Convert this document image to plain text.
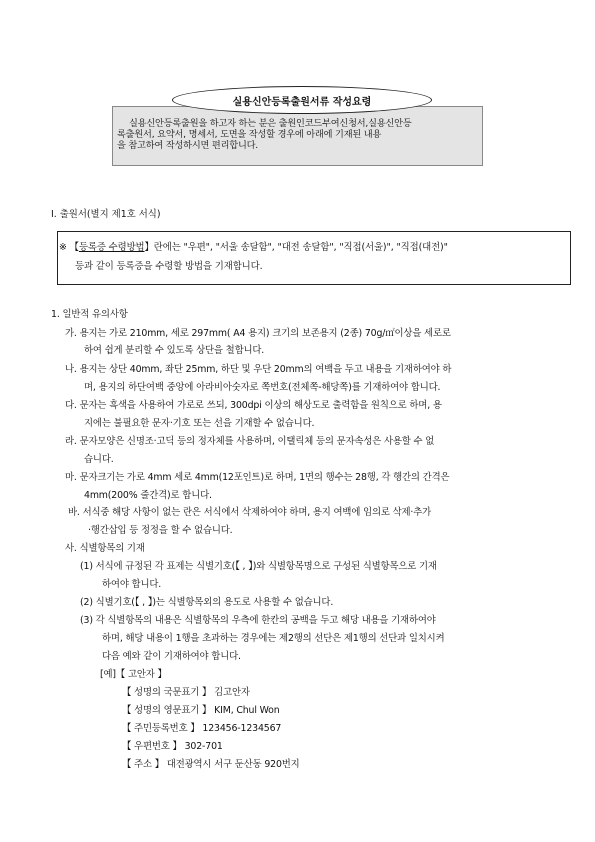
실용신안등록출원서류 작성요령
실용신안등록출원을 하고자 하는 분은 출원인코드부여신청서,실용신안등
록출원서, 요약서, 명세서, 도면을 작성할 경우에 아래에 기재된 내용
을 참고하여 작성하시면 편리합니다.
Ⅰ. 출원서(별지 제1호 서식)
※ 【등록증 수령방법】란에는 "우편", "서울 송달함", "대전 송달함", "직접(서울)", "직접(대전)"
등과 같이 등록증을 수령할 방법을 기재합니다.
1. 일반적 유의사항
가. 용지는 가로 210mm, 세로 297mm( A4 용지) 크기의 보존용지 (2종) 70g/㎡이상을 세로로
하여 쉽게 분리할 수 있도록 상단을 철합니다.
나. 용지는 상단 40mm, 좌단 25mm, 하단 및 우단 20mm의 여백을 두고 내용을 기재하여야 하
며, 용지의 하단여백 중앙에 아라비아숫자로 쪽번호(전체쪽-해당쪽)를 기재하여야 합니다.
다. 문자는 흑색을 사용하여 가로로 쓰되, 300dpi 이상의 해상도로 출력함을 원칙으로 하며, 용
지에는 불필요한 문자·기호 또는 선을 기재할 수 없습니다.
라. 문자모양은 신명조·고딕 등의 정자체를 사용하며, 이탤릭체 등의 문자속성은 사용할 수 없
습니다.
마. 문자크기는 가로 4mm 세로 4mm(12포인트)로 하며, 1면의 행수는 28행, 각 행간의 간격은
4mm(200% 줄간격)로 합니다.
바. 서식중 해당 사항이 없는 란은 서식에서 삭제하여야 하며, 용지 여백에 임의로 삭제·추가
·행간삽입 등 정정을 할 수 없습니다.
사. 식별항목의 기재
(1) 서식에 규정된 각 표제는 식별기호(【 , 】)와 식별항목명으로 구성된 식별항목으로 기재
하여야 합니다.
(2) 식별기호(【 , 】)는 식별항목외의 용도로 사용할 수 없습니다.
(3) 각 식별항목의 내용은 식별항목의 우측에 한칸의 공백을 두고 해당 내용을 기재하여야
하며, 해당 내용이 1행을 초과하는 경우에는 제2행의 선단은 제1행의 선단과 일치시켜
다음 예와 같이 기재하여야 합니다.
[예]【 고안자 】
【 성명의 국문표기 】 김고안자
【 성명의 영문표기 】 KIM, Chul Won
【 주민등록번호 】 123456-1234567
【 우편번호 】 302-701
【 주소 】 대전광역시 서구 둔산동 920번지
